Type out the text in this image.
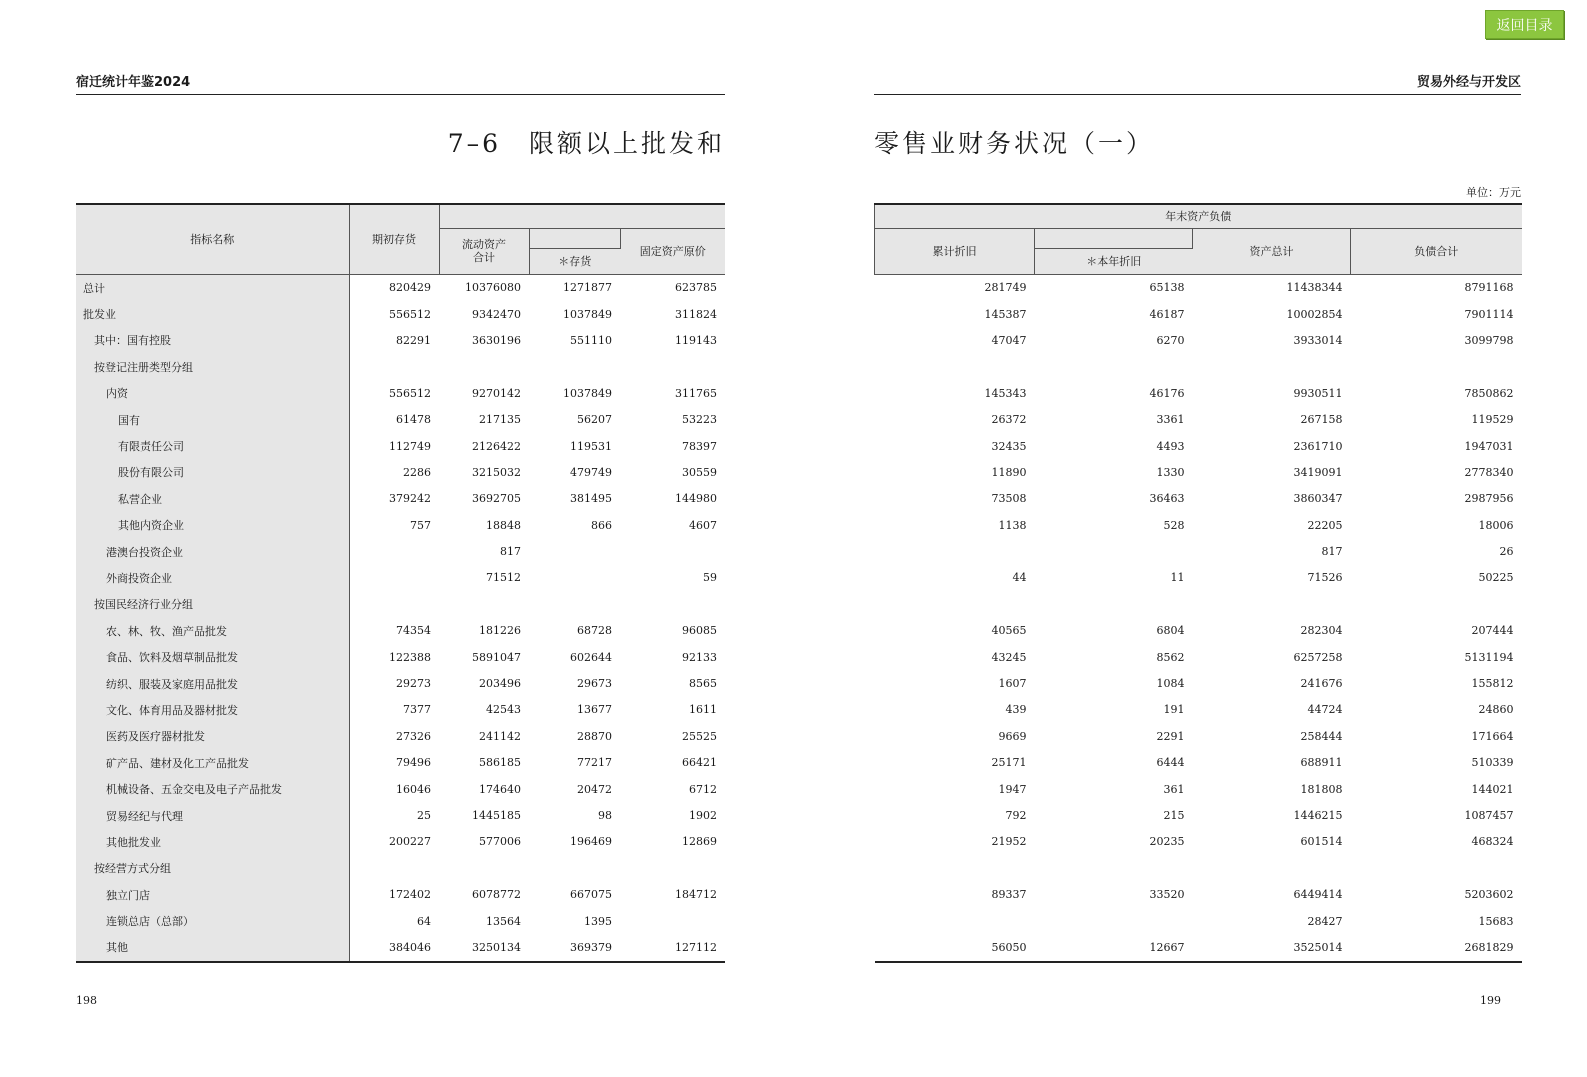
返回目录
宿迁统计年鉴2024	贸易外经与开发区
7–6　限额以上批发和	零售业财务状况（一）
单位：万元
指标名称	期初存货			
		流动资产合计		固定资产原价
			＊存货	
总计	820429	10376080	1271877	623785
批发业	556512	9342470	1037849	311824
其中：国有控股	82291	3630196	551110	119143
按登记注册类型分组				
内资	556512	9270142	1037849	311765
国有	61478	217135	56207	53223
有限责任公司	112749	2126422	119531	78397
股份有限公司	2286	3215032	479749	30559
私营企业	379242	3692705	381495	144980
其他内资企业	757	18848	866	4607
港澳台投资企业		817		
外商投资企业		71512		59
按国民经济行业分组				
农、林、牧、渔产品批发	74354	181226	68728	96085
食品、饮料及烟草制品批发	122388	5891047	602644	92133
纺织、服装及家庭用品批发	29273	203496	29673	8565
文化、体育用品及器材批发	7377	42543	13677	1611
医药及医疗器材批发	27326	241142	28870	25525
矿产品、建材及化工产品批发	79496	586185	77217	66421
机械设备、五金交电及电子产品批发	16046	174640	20472	6712
贸易经纪与代理	25	1445185	98	1902
其他批发业	200227	577006	196469	12869
按经营方式分组				
独立门店	172402	6078772	667075	184712
连锁总店（总部）	64	13564	1395	
其他	384046	3250134	369379	127112
年末资产负债			
累计折旧		资产总计	负债合计
	＊本年折旧		
281749	65138	11438344	8791168
145387	46187	10002854	7901114
47047	6270	3933014	3099798

145343	46176	9930511	7850862
26372	3361	267158	119529
32435	4493	2361710	1947031
11890	1330	3419091	2778340
73508	36463	3860347	2987956
1138	528	22205	18006
		817	26
44	11	71526	50225

40565	6804	282304	207444
43245	8562	6257258	5131194
1607	1084	241676	155812
439	191	44724	24860
9669	2291	258444	171664
25171	6444	688911	510339
1947	361	181808	144021
792	215	1446215	1087457
21952	20235	601514	468324

89337	33520	6449414	5203602
		28427	15683
56050	12667	3525014	2681829
198	199
